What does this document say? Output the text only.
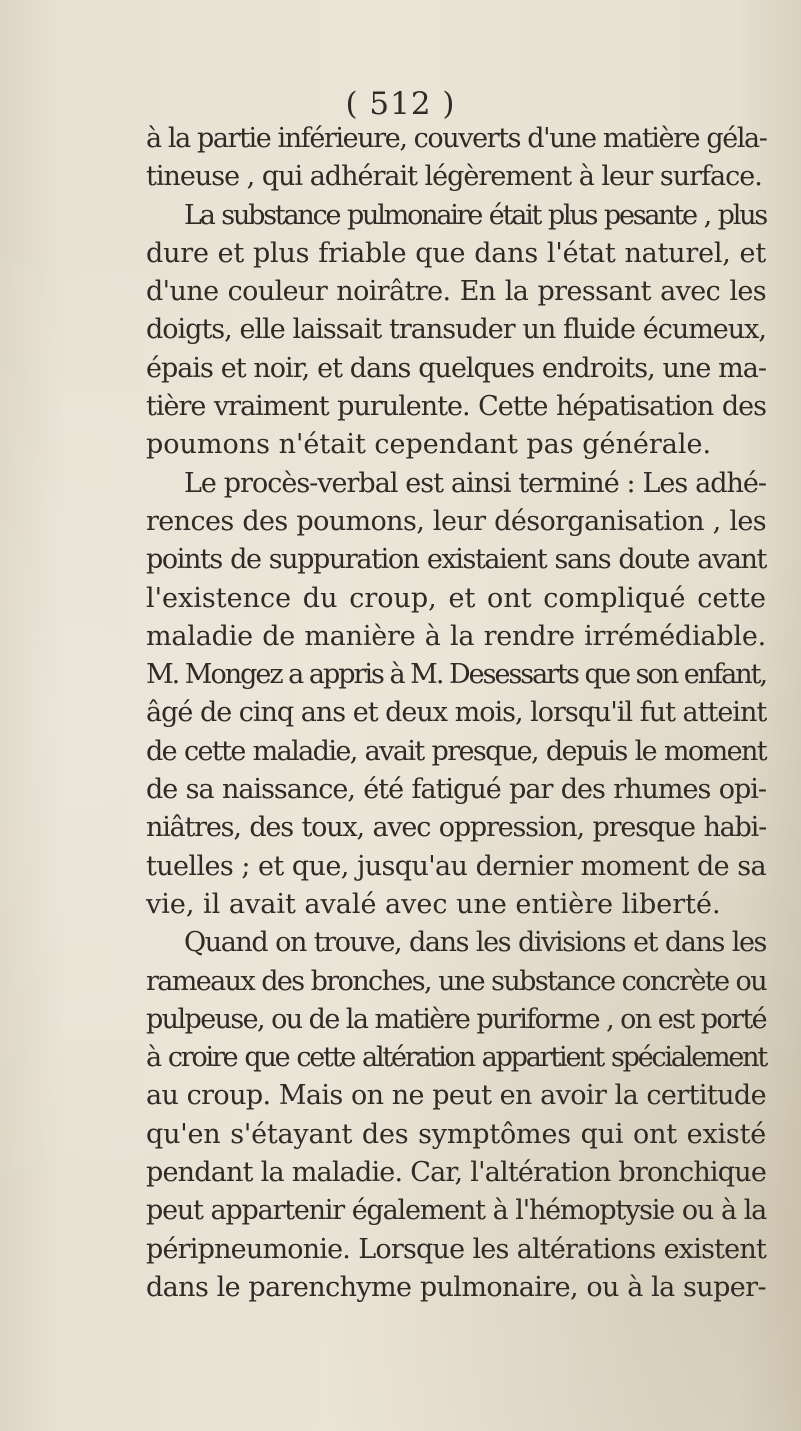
( 512 )
à la partie inférieure, couverts d'une matière géla-
tineuse , qui adhérait légèrement à leur surface.
La substance pulmonaire était plus pesante , plus
dure et plus friable que dans l'état naturel, et
d'une couleur noirâtre. En la pressant avec les
doigts, elle laissait transuder un fluide écumeux,
épais et noir, et dans quelques endroits, une ma-
tière vraiment purulente. Cette hépatisation des
poumons n'était cependant pas générale.
Le procès-verbal est ainsi terminé : Les adhé-
rences des poumons, leur désorganisation , les
points de suppuration existaient sans doute avant
l'existence du croup, et ont compliqué cette
maladie de manière à la rendre irrémédiable.
M. Mongez a appris à M. Desessarts que son enfant,
âgé de cinq ans et deux mois, lorsqu'il fut atteint
de cette maladie, avait presque, depuis le moment
de sa naissance, été fatigué par des rhumes opi-
niâtres, des toux, avec oppression, presque habi-
tuelles ; et que, jusqu'au dernier moment de sa
vie, il avait avalé avec une entière liberté.
Quand on trouve, dans les divisions et dans les
rameaux des bronches, une substance concrète ou
pulpeuse, ou de la matière puriforme , on est porté
à croire que cette altération appartient spécialement
au croup. Mais on ne peut en avoir la certitude
qu'en s'étayant des symptômes qui ont existé
pendant la maladie. Car, l'altération bronchique
peut appartenir également à l'hémoptysie ou à la
péripneumonie. Lorsque les altérations existent
dans le parenchyme pulmonaire, ou à la super-
